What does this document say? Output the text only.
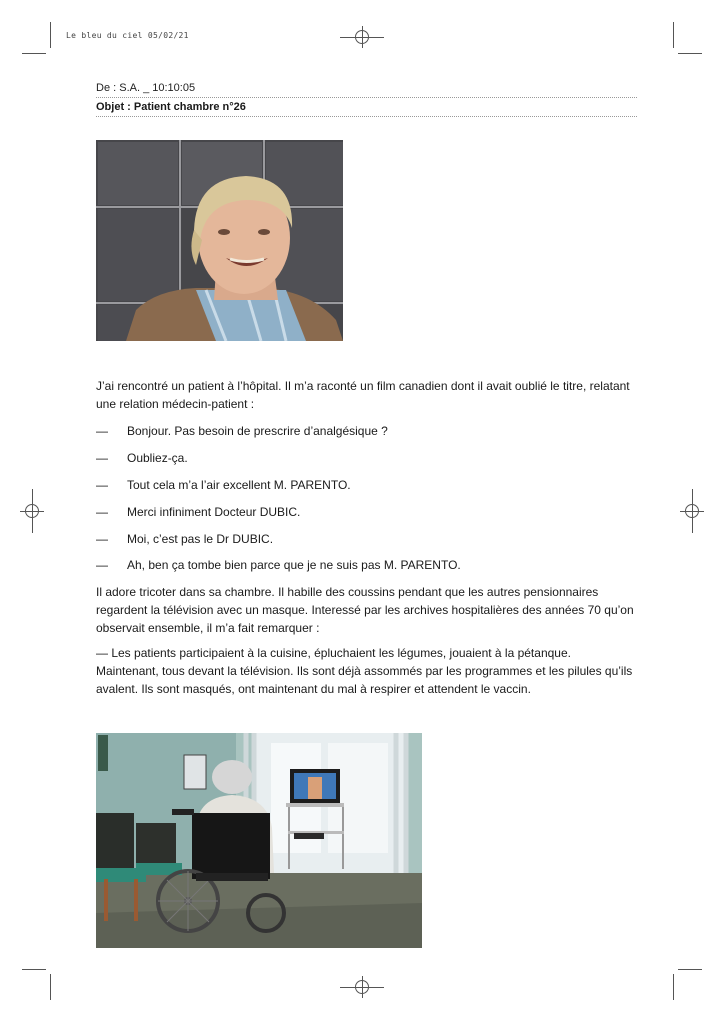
Le bleu du ciel 05/02/21
De : S.A. _ 10:10:05
Objet : Patient chambre n°26
J’ai rencontré un patient à l’hôpital. Il m’a raconté un film canadien dont il avait oublié le titre, relatant une relation médecin-patient :
— Bonjour. Pas besoin de prescrire d’analgésique ?
— Oubliez-ça.
— Tout cela m’a l’air excellent M. PARENTO.
— Merci infiniment Docteur DUBIC.
— Moi, c’est pas le Dr DUBIC.
— Ah, ben ça tombe bien parce que je ne suis pas M. PARENTO.
Il adore tricoter dans sa chambre. Il habille des coussins pendant que les autres pensionnaires regardent la télévision avec un masque. Interessé par les archives hospitalières des années 70 qu’on observait ensemble, il m’a fait remarquer :
— Les patients participaient à la cuisine, épluchaient les légumes, jouaient à la pétanque. Maintenant, tous devant la télévision. Ils sont déjà assommés par les programmes et les pilules qu’ils avalent. Ils sont masqués, ont maintenant du mal à respirer et attendent le vaccin.
